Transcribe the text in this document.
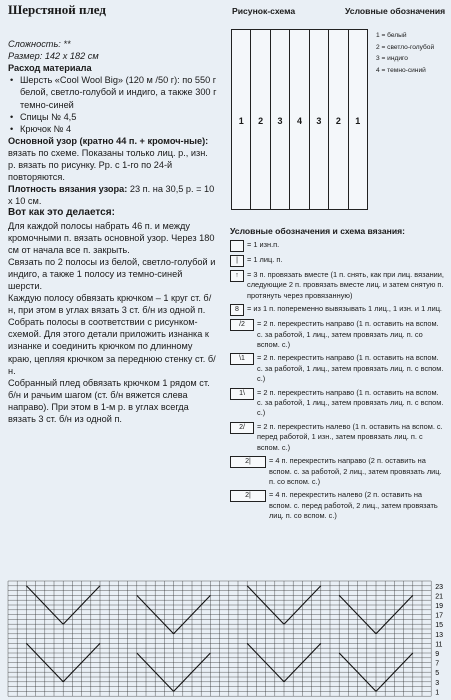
Шерстяной плед

Сложность: **

Размер: 142 x 182 см

Расход материала

• Шерсть «Cool Wool Big» (120 м /50 г): по 550 г белой, светло-голубой и индиго, а также 300 г темно-синей
• Спицы № 4,5
• Крючок № 4

Основной узор (кратно 44 п. + кромоч-ные): вязать по схеме. Показаны только лиц. р., изн. р. вязать по рисунку. Рр. с 1-го по 24-й повторяются.

Плотность вязания узора: 23 п. на 30,5 р. = 10 х 10 см.

Вот как это делается:

Для каждой полосы набрать 46 п. и между кромочными п. вязать основной узор. Через 180 см от начала все п. закрыть.

Связать по 2 полосы из белой, светло-голубой и индиго, а также 1 полосу из темно-синей шерсти.

Каждую полосу обвязать крючком – 1 круг ст. б/н, при этом в углах вязать 3 ст. б/н из одной п.

Собрать полосы в соответствии с рисунком-схемой. Для этого детали приложить изнанка к изнанке и соединить крючком по длинному краю, цепляя крючком за переднюю стенку ст. б/н.

Собранный плед обвязать крючком 1 рядом ст. б/н и рачьим шагом (ст. б/н вяжется слева направо). При этом в 1-м р. в углах всегда вязать 3 ст. б/н из одной п.

Рисунок-схема	Условные обозначения
1	2	3	4	3	2	1
1 = белый
2 = светло-голубой
3 = индиго
4 = темно-синий
Условные обозначения и схема вязания:
= 1 изн.п.
|	= 1 лиц. п.
↑	= 3 п. провязать вместе (1 п. снять, как при лиц. вязании, следующие 2 п. провязать вместе лиц. и затем снятую п. протянуть через провязанную)
8	= из 1 п. попеременно вывязывать 1 лиц., 1 изн. и 1 лиц.
/2	= 2 п. перекрестить направо (1 п. оставить на вспом. с. за работой, 1 лиц., затем провязать лиц. п. со вспом. с.)
\1	= 2 п. перекрестить направо (1 п. оставить на вспом. с. за работой, 1 лиц., затем провязать лиц. п. с вспом. с.)
1\	= 2 п. перекрестить направо (1 п. оставить на вспом. с. за работой, 1 лиц., затем провязать лиц. п. с вспом. с.)
2/	= 2 п. перекрестить налево (1 п. оставить на вспом. с. перед работой, 1 изн., затем провязать лиц. п. с вспом. с.)
2|	= 4 п. перекрестить направо (2 п. оставить на вспом. с. за работой, 2 лиц., затем провязать лиц. п. со вспом. с.)
2|	= 4 п. перекрестить налево (2 п. оставить на вспом. с. перед работой, 2 лиц., затем провязать лиц. п. со вспом. с.)
23
21
19
17
15
13
11
9
7
5
3
1
